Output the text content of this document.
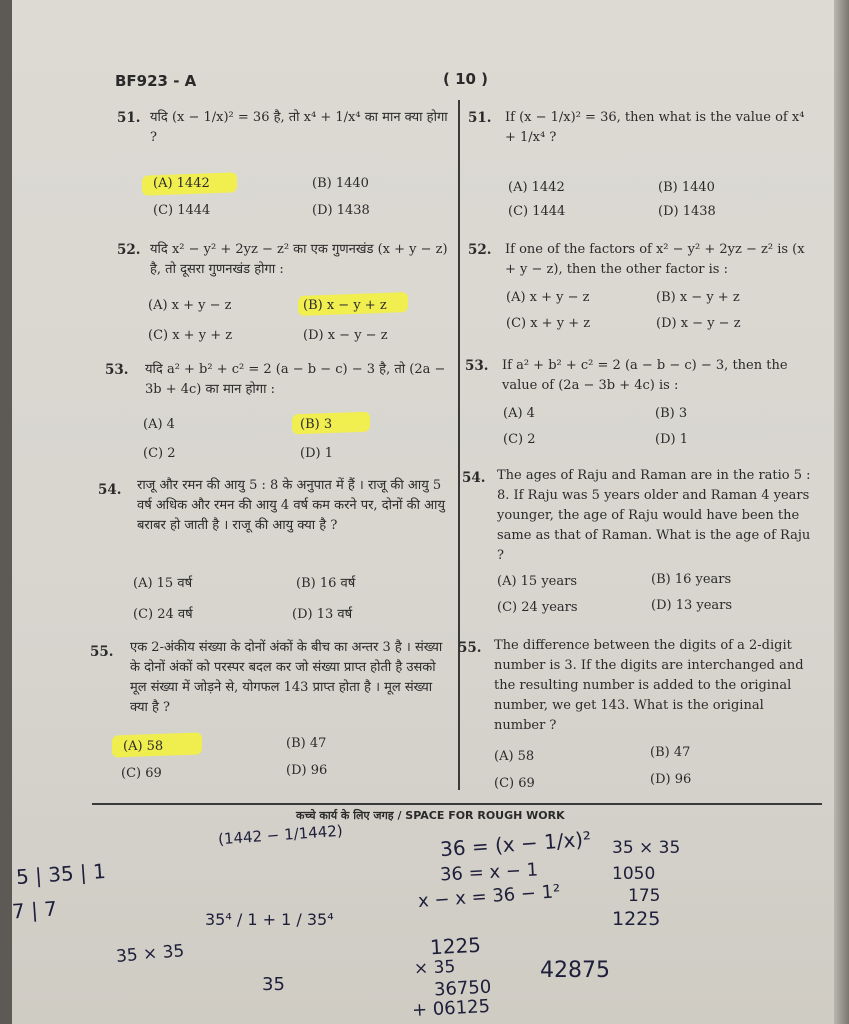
BF923 - A	( 10 )
51. यदि (x − 1/x)² = 36 है, तो x⁴ + 1/x⁴ का मान क्या होगा ?
(A) 1442	(B) 1440
(C) 1444	(D) 1438
51. If (x − 1/x)² = 36, then what is the value of x⁴ + 1/x⁴ ?
(A) 1442	(B) 1440
(C) 1444	(D) 1438
52. यदि x² − y² + 2yz − z² का एक गुणनखंड (x + y − z) है, तो दूसरा गुणनखंड होगा :
(A) x + y − z	(B) x − y + z
(C) x + y + z	(D) x − y − z
52. If one of the factors of x² − y² + 2yz − z² is (x + y − z), then the other factor is :
(A) x + y − z	(B) x − y + z
(C) x + y + z	(D) x − y − z
53. यदि a² + b² + c² = 2 (a − b − c) − 3 है, तो (2a − 3b + 4c) का मान होगा :
(A) 4	(B) 3
(C) 2	(D) 1
53. If a² + b² + c² = 2 (a − b − c) − 3, then the value of (2a − 3b + 4c) is :
(A) 4	(B) 3
(C) 2	(D) 1
54. राजू और रमन की आयु 5 : 8 के अनुपात में हैं । राजू की आयु 5 वर्ष अधिक और रमन की आयु 4 वर्ष कम करने पर, दोनों की आयु बराबर हो जाती है । राजू की आयु क्या है ?
(A) 15 वर्ष	(B) 16 वर्ष
(C) 24 वर्ष	(D) 13 वर्ष
54. The ages of Raju and Raman are in the ratio 5 : 8. If Raju was 5 years older and Raman 4 years younger, the age of Raju would have been the same as that of Raman. What is the age of Raju ?
(A) 15 years	(B) 16 years
(C) 24 years	(D) 13 years
55. एक 2-अंकीय संख्या के दोनों अंकों के बीच का अन्तर 3 है । संख्या के दोनों अंकों को परस्पर बदल कर जो संख्या प्राप्त होती है उसको मूल संख्या में जोड़ने से, योगफल 143 प्राप्त होता है । मूल संख्या क्या है ?
(A) 58	(B) 47
(C) 69	(D) 96
55. The difference between the digits of a 2-digit number is 3. If the digits are interchanged and the resulting number is added to the original number, we get 143. What is the original number ?
(A) 58	(B) 47
(C) 69	(D) 96
कच्चे कार्य के लिए जगह / SPACE FOR ROUGH WORK
(1442 − 1/1442)	36 = (x − 1/x)²
36 = x − 1
x − x = 36 − 1²
35 × 35
1050
175
1225
5 | 35 | 1
7 | 7	35⁴ / 1 + 1 / 35⁴
35 × 35
35
1225
× 35
36750
+ 06125
42875
